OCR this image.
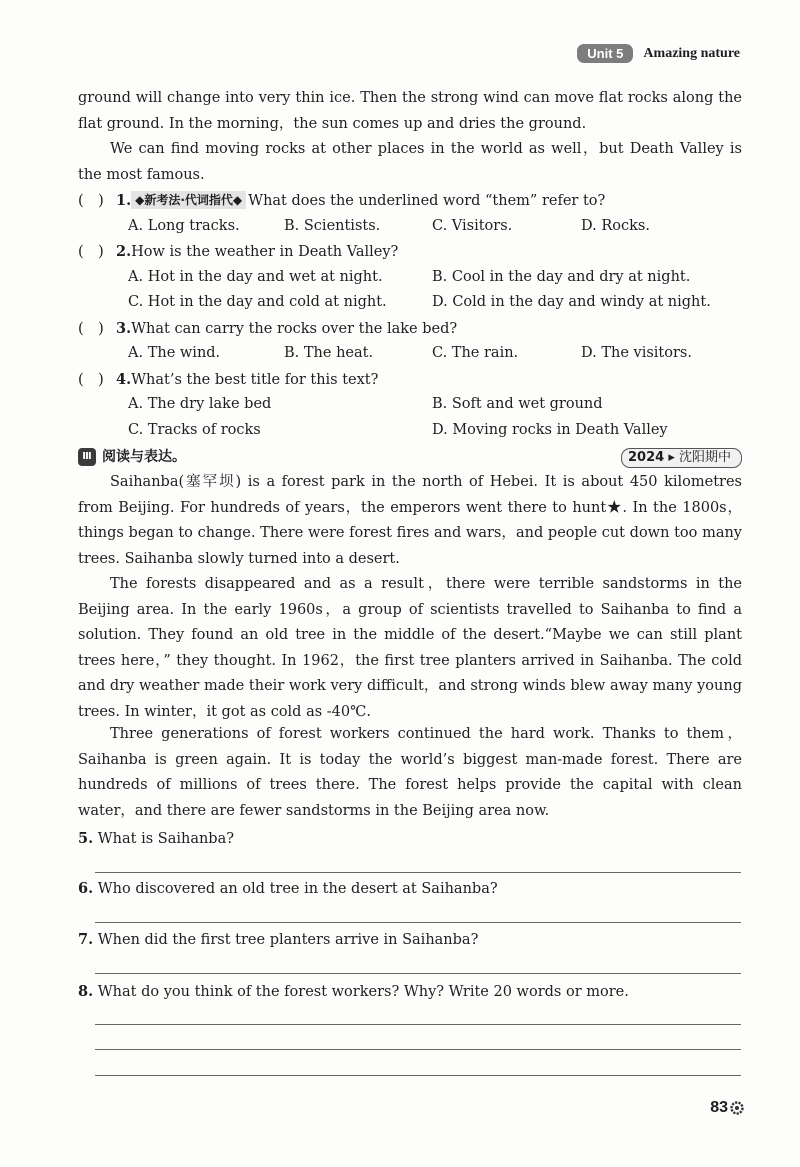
Unit 5	Amazing nature

ground will change into very thin ice. Then the strong wind can move flat rocks along the flat ground. In the morning，the sun comes up and dries the ground.

We can find moving rocks at other places in the world as well，but Death Valley is the most famous.

(　) 1. ◆新考法·代词指代◆ What does the underlined word “them” refer to?
A. Long tracks.	B. Scientists.	C. Visitors.	D. Rocks.
(　) 2.How is the weather in Death Valley?
A. Hot in the day and wet at night.	B. Cool in the day and dry at night.
C. Hot in the day and cold at night.	D. Cold in the day and windy at night.
(　) 3.What can carry the rocks over the lake bed?
A. The wind.	B. The heat.	C. The rain.	D. The visitors.
(　) 4.What’s the best title for this text?
A. The dry lake bed	B. Soft and wet ground
C. Tracks of rocks	D. Moving rocks in Death Valley
Ⅲ 阅读与表达。	2024 ▸ 沈阳期中

Saihanba(塞罕坝) is a forest park in the north of Hebei. It is about 450 kilometres from Beijing. For hundreds of years，the emperors went there to hunt★. In the 1800s，things began to change. There were forest fires and wars，and people cut down too many trees. Saihanba slowly turned into a desert.

The forests disappeared and as a result，there were terrible sandstorms in the Beijing area. In the early 1960s，a group of scientists travelled to Saihanba to find a solution. They found an old tree in the middle of the desert.“Maybe we can still plant trees here，” they thought. In 1962，the first tree planters arrived in Saihanba. The cold and dry weather made their work very difficult，and strong winds blew away many young trees. In winter，it got as cold as -40℃.

Three generations of forest workers continued the hard work. Thanks to them，Saihanba is green again. It is today the world’s biggest man-made forest. There are hundreds of millions of trees there. The forest helps provide the capital with clean water，and there are fewer sandstorms in the Beijing area now.

5. What is Saihanba?
6. Who discovered an old tree in the desert at Saihanba?
7. When did the first tree planters arrive in Saihanba?
8. What do you think of the forest workers? Why? Write 20 words or more.
83
